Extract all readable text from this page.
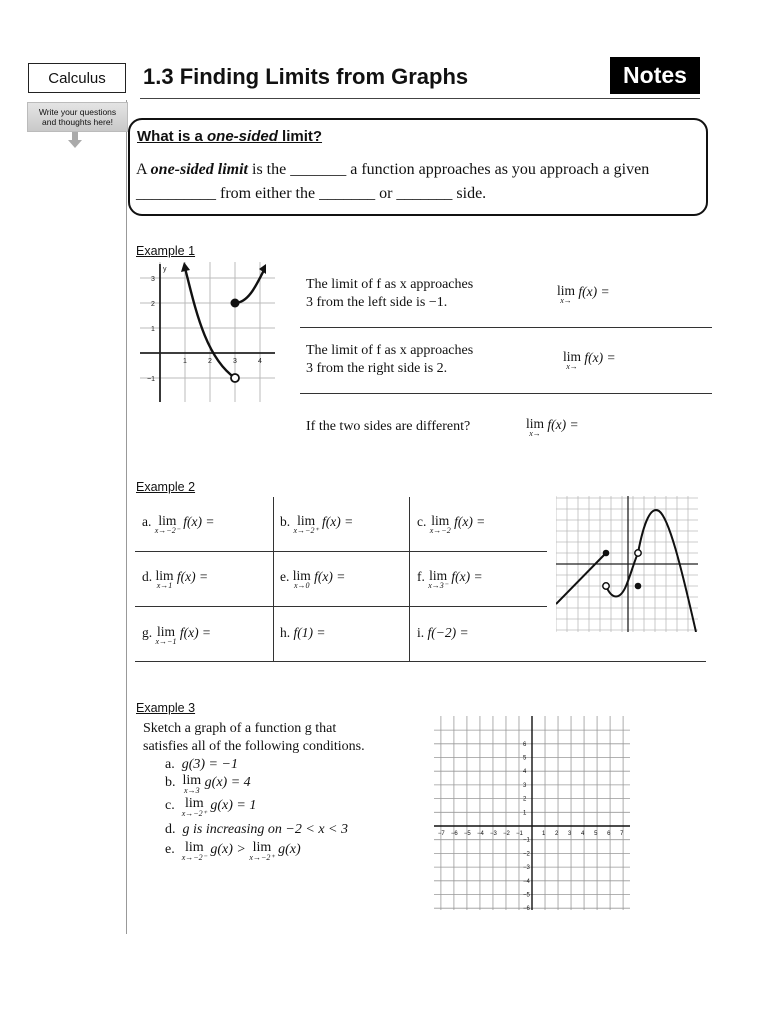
Calculus	1.3 Finding Limits from Graphs	Notes
Write your questions
and thoughts here!
What is a one-sided limit?
A one-sided limit is the _______ a function approaches as you approach a given
__________ from either the _______ or _______ side.
Example 1
y
1	2	3	4
3
2
1
−1
The limit of f as x approaches
3 from the left side is −1.
lim
x→
f(x) =
The limit of f as x approaches
3 from the right side is 2.
lim
x→
f(x) =
If the two sides are different?	lim
x→
f(x) =
Example 2
a. lim
x→−2⁻
f(x) =	b. lim
x→−2⁺
f(x) =	c. lim
x→−2
f(x) =
d. lim
x→1
f(x) =	e. lim
x→0
f(x) =	f. lim
x→3⁻
f(x) =
g. lim
x→−1
f(x) =	h. f(1) =	i. f(−2) =
Example 3
Sketch a graph of a function g that
satisfies all of the following conditions.
a. g(3) = −1
b. lim
x→3
g(x) = 4
c. lim
x→−2⁺
g(x) = 1
d. g is increasing on −2 < x < 3
e. lim
x→−2⁻
g(x) > lim
x→−2⁺
g(x)
−7 −6 −5 −4 −3 −2 −1	1 2 3 4 5 6 7
6
5
4
3
2
1
−1
−2
−3
−4
−5
−6
